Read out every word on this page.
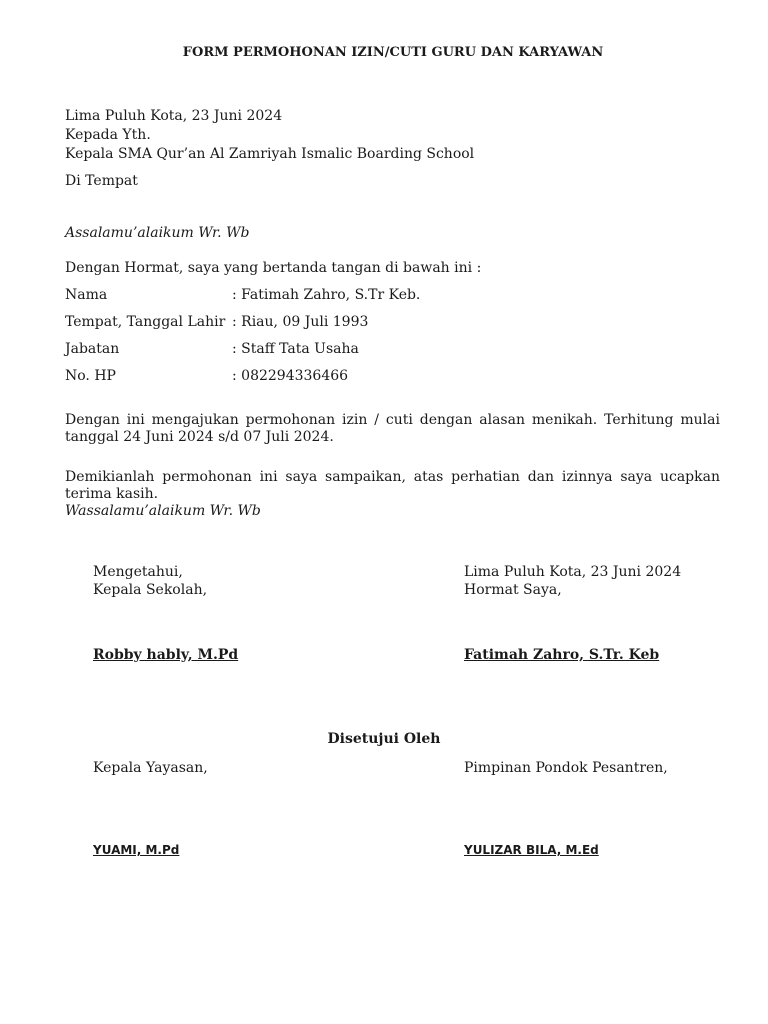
FORM PERMOHONAN IZIN/CUTI GURU DAN KARYAWAN
Lima Puluh Kota, 23 Juni 2024
Kepada Yth.
Kepala SMA Qur’an Al Zamriyah Ismalic Boarding School
Di Tempat
Assalamu’alaikum Wr. Wb
Dengan Hormat, saya yang bertanda tangan di bawah ini :
Nama	: Fatimah Zahro, S.Tr Keb.
Tempat, Tanggal Lahir : Riau, 09 Juli 1993
Jabatan	: Staff Tata Usaha
No. HP	: 082294336466
Dengan ini mengajukan permohonan izin / cuti dengan alasan menikah. Terhitung mulai tanggal 24 Juni 2024 s/d 07 Juli 2024.
Demikianlah permohonan ini saya sampaikan, atas perhatian dan izinnya saya ucapkan terima kasih.
Wassalamu’alaikum Wr. Wb
Mengetahui,
Kepala Sekolah,
Robby hably, M.Pd
Lima Puluh Kota, 23 Juni 2024
Hormat Saya,
Fatimah Zahro, S.Tr. Keb
Disetujui Oleh
Kepala Yayasan,
YUAMI, M.Pd
Pimpinan Pondok Pesantren,
YULIZAR BILA, M.Ed
